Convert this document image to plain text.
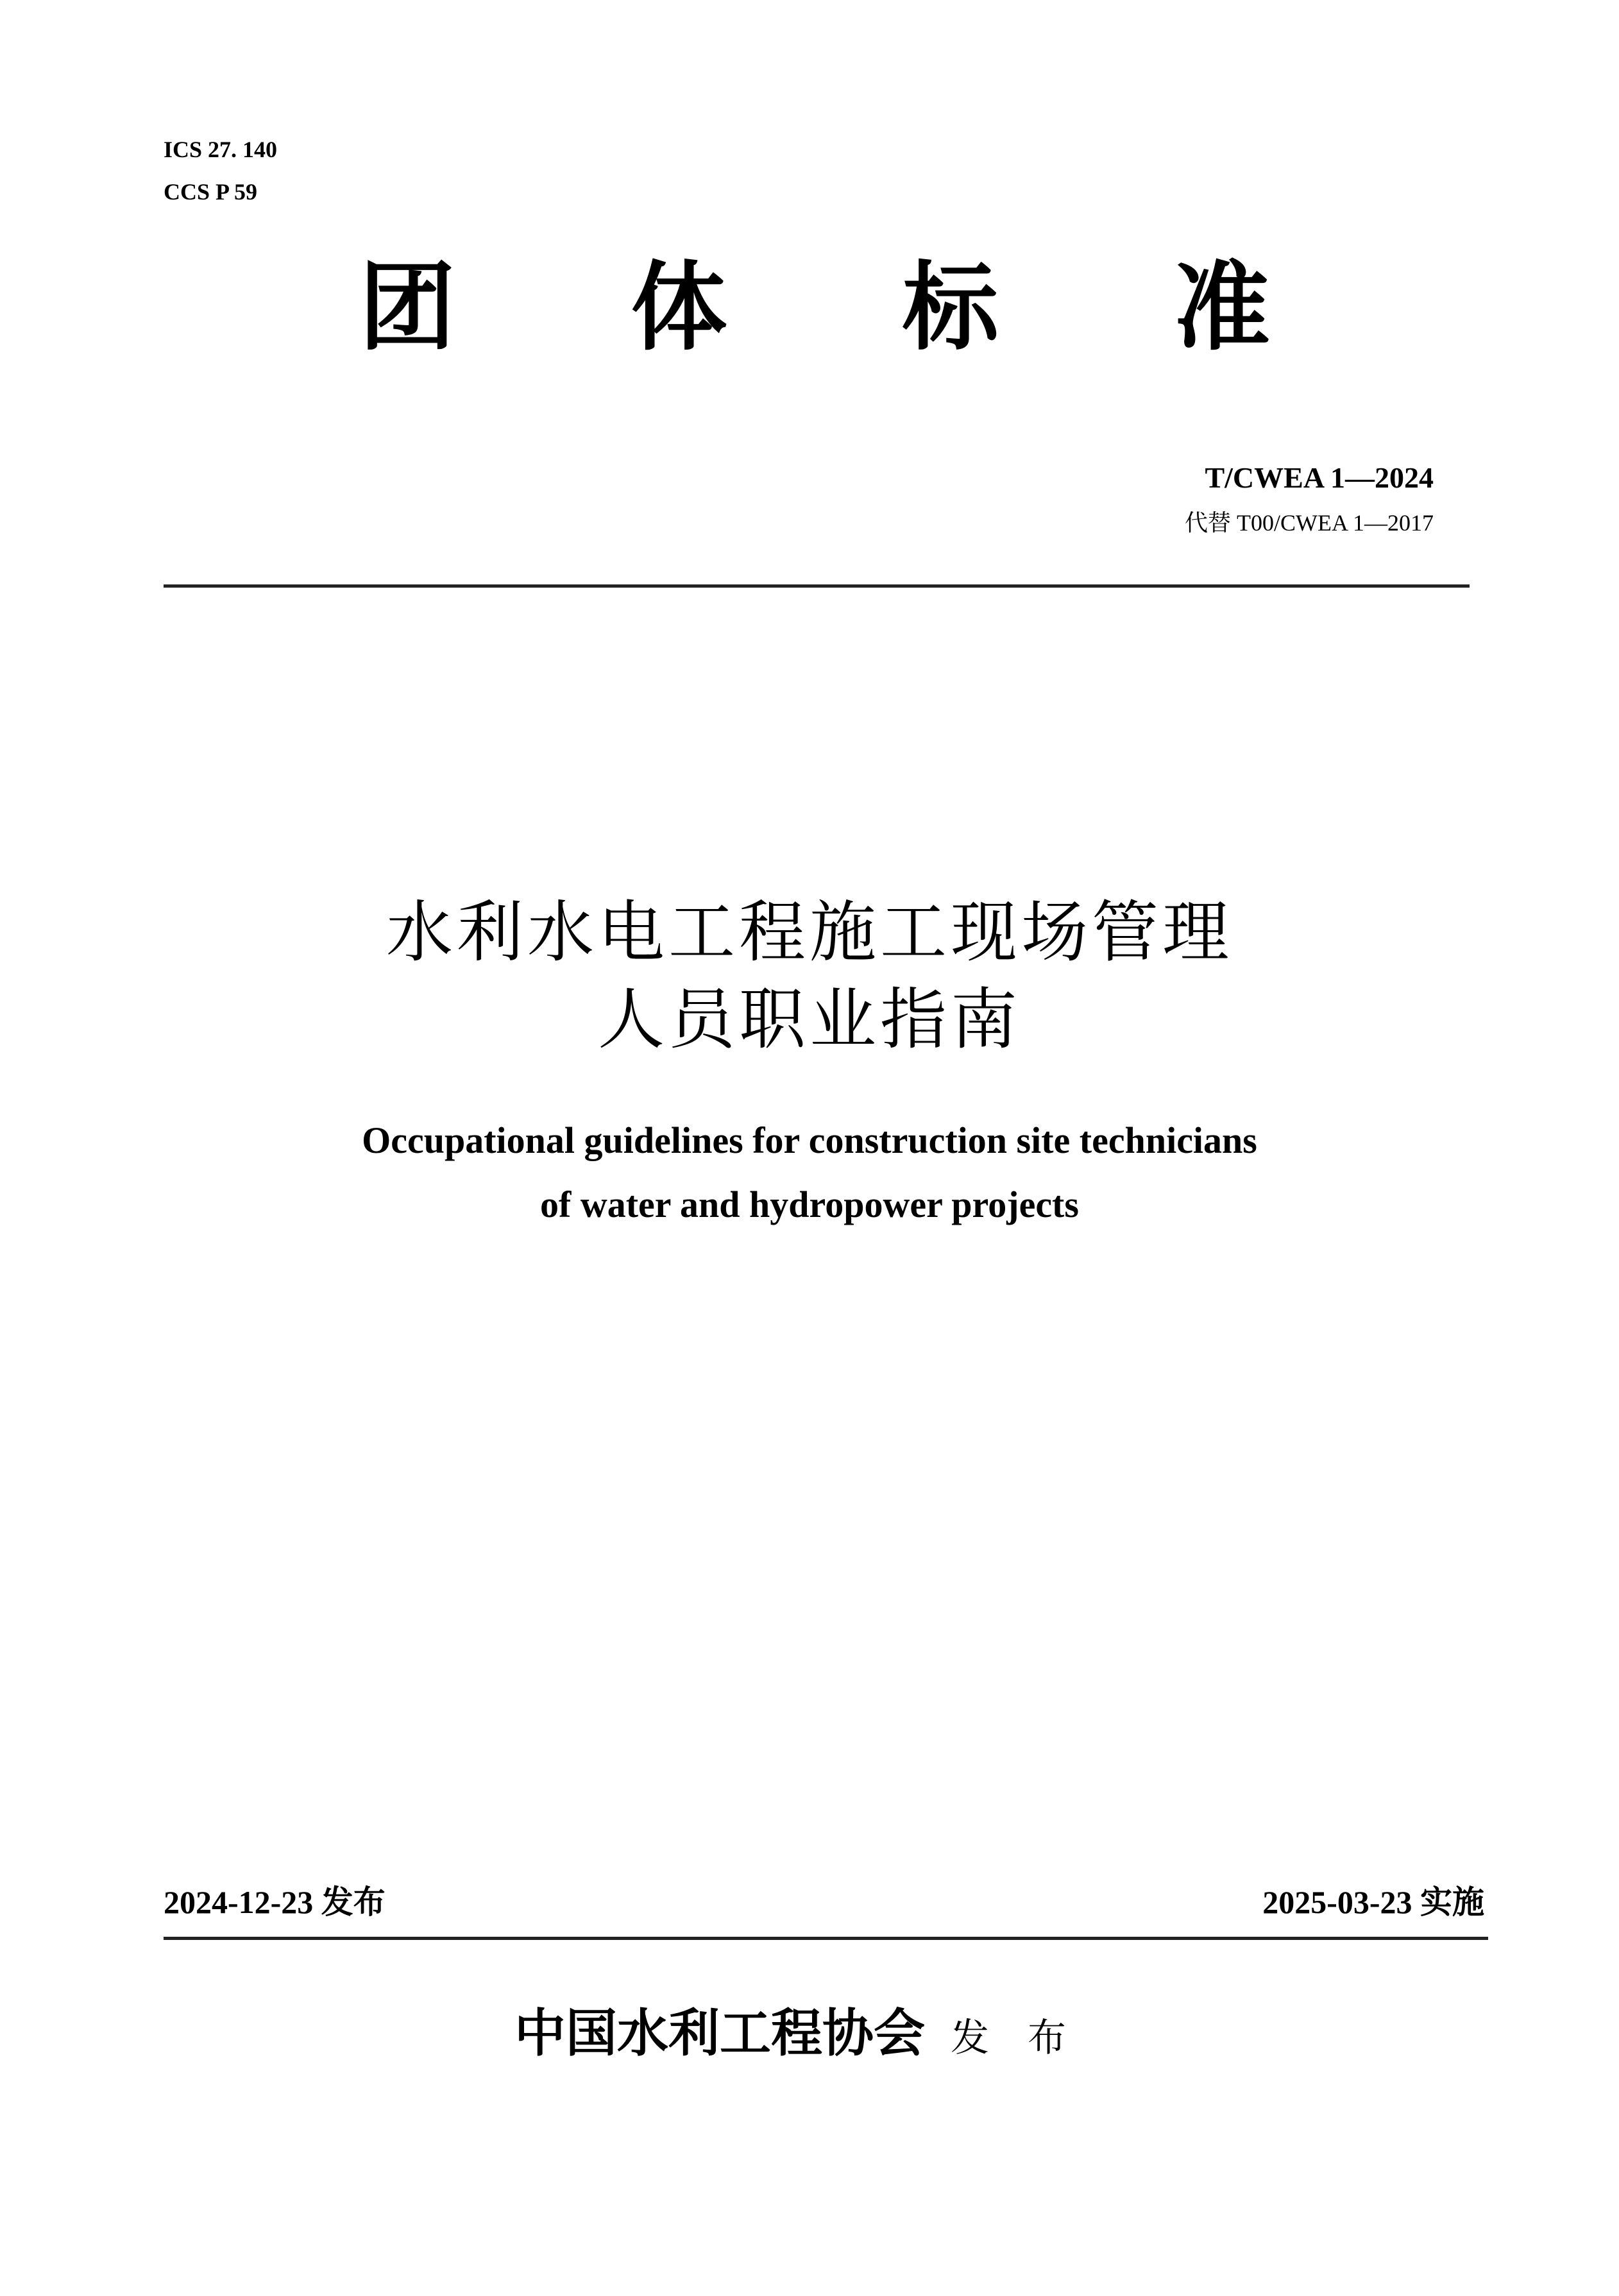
ICS 27. 140
CCS P 59
团 体 标 准
T/CWEA 1—2024
代替 T00/CWEA 1—2017
水利水电工程施工现场管理
人员职业指南
Occupational guidelines for construction site technicians
of water and hydropower projects
2024-12-23 发布	2025-03-23 实施
中国水利工程协会 发布
